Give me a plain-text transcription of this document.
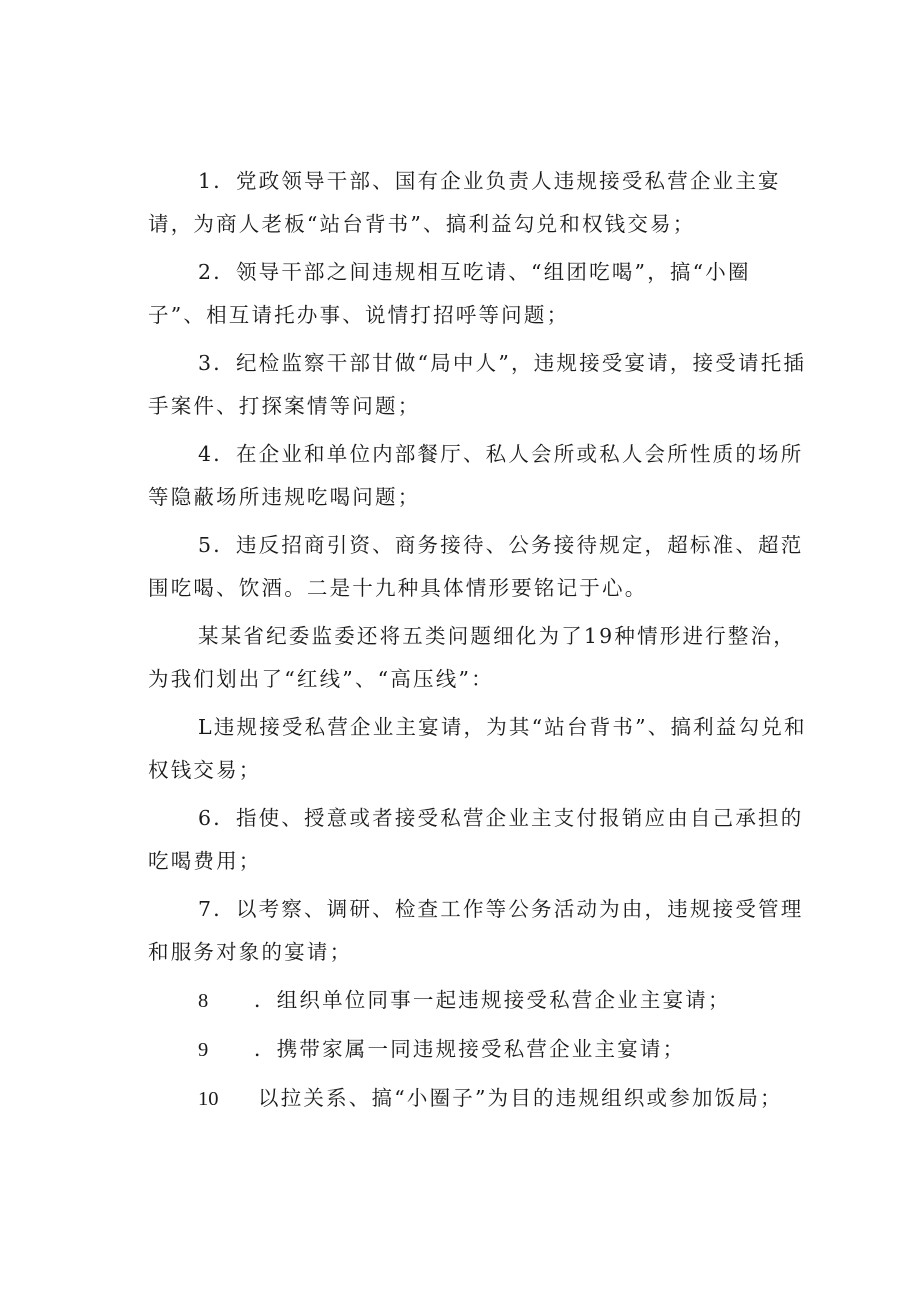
1．党政领导干部、国有企业负责人违规接受私营企业主宴请，为商人老板“站台背书”、搞利益勾兑和权钱交易；

2．领导干部之间违规相互吃请、“组团吃喝”，搞“小圈子”、相互请托办事、说情打招呼等问题；

3．纪检监察干部甘做“局中人”，违规接受宴请，接受请托插手案件、打探案情等问题；

4．在企业和单位内部餐厅、私人会所或私人会所性质的场所等隐蔽场所违规吃喝问题；

5．违反招商引资、商务接待、公务接待规定，超标准、超范围吃喝、饮酒。二是十九种具体情形要铭记于心。

某某省纪委监委还将五类问题细化为了19种情形进行整治，为我们划出了“红线”、“高压线”：

L违规接受私营企业主宴请，为其“站台背书”、搞利益勾兑和权钱交易；

6．指使、授意或者接受私营企业主支付报销应由自己承担的吃喝费用；

7．以考察、调研、检查工作等公务活动为由，违规接受管理和服务对象的宴请；

8	．组织单位同事一起违规接受私营企业主宴请；
9	．携带家属一同违规接受私营企业主宴请；
10	以拉关系、搞“小圈子”为目的违规组织或参加饭局；
